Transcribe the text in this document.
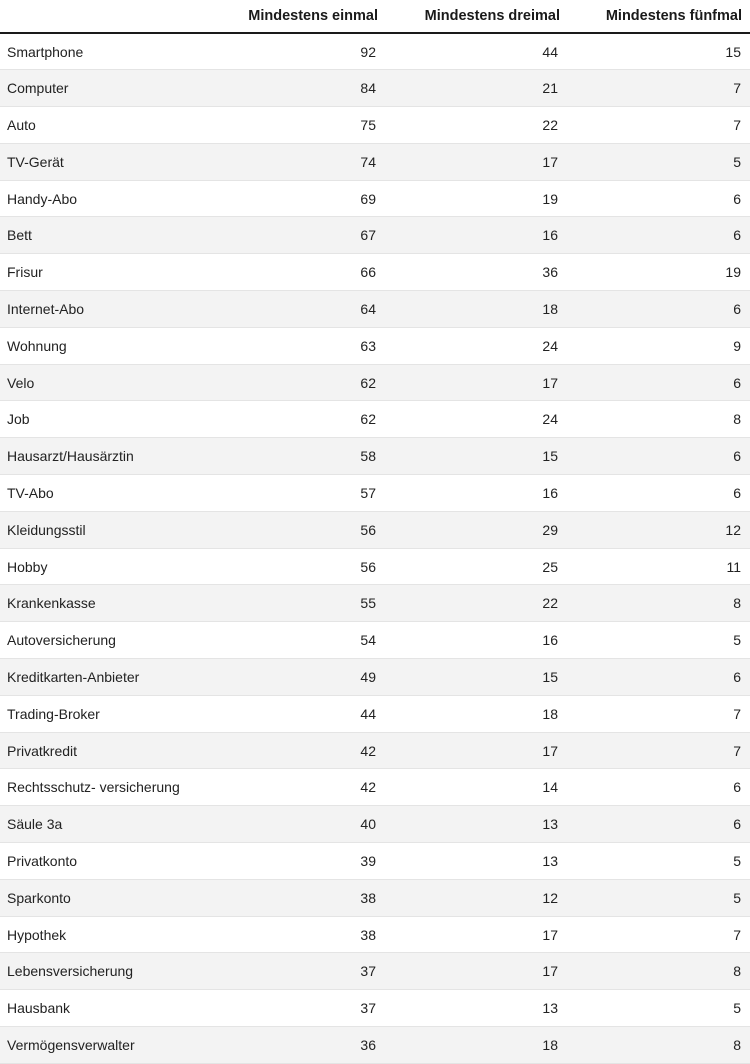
	Mindestens einmal	Mindestens dreimal	Mindestens fünfmal
Smartphone	92	44	15
Computer	84	21	7
Auto	75	22	7
TV-Gerät	74	17	5
Handy-Abo	69	19	6
Bett	67	16	6
Frisur	66	36	19
Internet-Abo	64	18	6
Wohnung	63	24	9
Velo	62	17	6
Job	62	24	8
Hausarzt/Hausärztin	58	15	6
TV-Abo	57	16	6
Kleidungsstil	56	29	12
Hobby	56	25	11
Krankenkasse	55	22	8
Autoversicherung	54	16	5
Kreditkarten-Anbieter	49	15	6
Trading-Broker	44	18	7
Privatkredit	42	17	7
Rechtsschutz- versicherung	42	14	6
Säule 3a	40	13	6
Privatkonto	39	13	5
Sparkonto	38	12	5
Hypothek	38	17	7
Lebensversicherung	37	17	8
Hausbank	37	13	5
Vermögensverwalter	36	18	8
